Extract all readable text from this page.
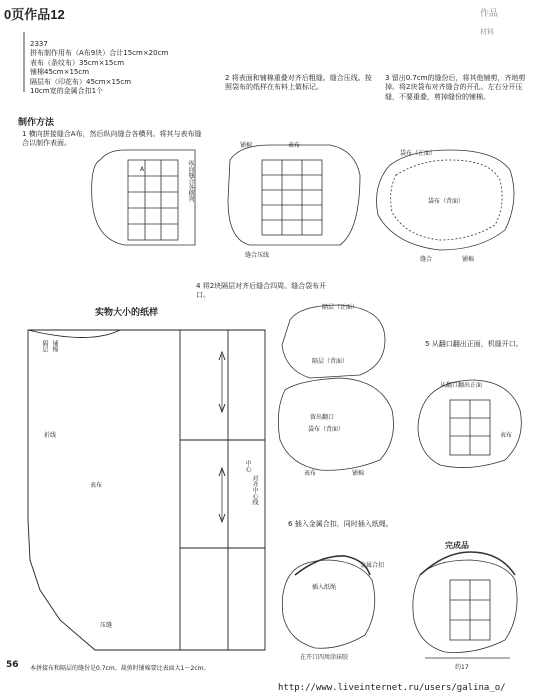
0页作品12	作品
材料
2337
拼布制作用布（A布9块）合计15cm×20cm
表布（条纹布）35cm×15cm
铺棉45cm×15cm
隔层布（印花布）45cm×15cm
10cm宽的金属合扣1个
制作方法
1 横向拼接缝合A布，然后纵向缝合各横列。将其与表布缝合以制作表面。
2 将表面和铺棉重叠对齐后粗缝。缝合压线。按照袋布的纸样在布料上做标记。
3 留出0.7cm的缝份后，将其他铺剪，齐地剪掉。将2块袋布对齐缝合的开孔。左右分开压缝，不要重叠，剪掉缝份的铺棉。
4 将2块隔层对齐后缝合四周。缝合袋布开口。
5 从翻口翻出正面，机缝开口。
6 插入金属合扣，同时插入纸绳。
A	纵向缝合各横列
铺棉	表布
缝合压线
袋布（正面）
袋布（背面）
缝合	铺棉
隔层（正面）
隔层（背面）
留出翻口
袋布（背面）
表布	铺棉
从翻口翻出正面
表布
金属合扣
插入纸绳
在开口四周涂抹胶
完成品
约17
实物大小的纸样
隔层 铺棉
表布
中心
对齐中心线
折线
压缝
56 本拼接布和隔层的缝份是0.7cm。裁剪时铺棉要比表面大1～2cm。
http://www.liveinternet.ru/users/galina_o/
